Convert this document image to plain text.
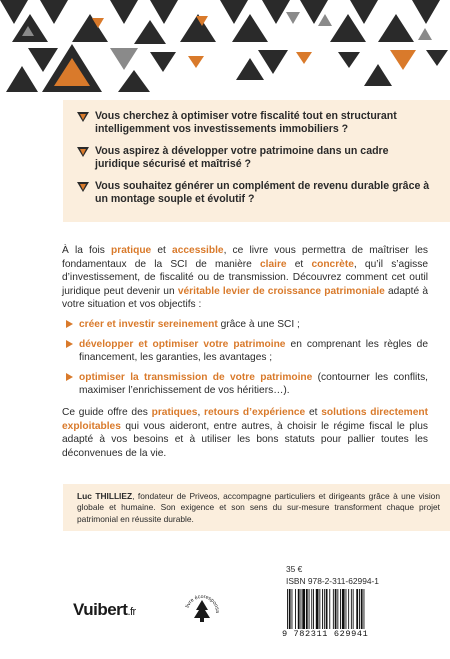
Vous cherchez à optimiser votre fiscalité tout en structurant intelligemment vos investissements immobiliers ?
Vous aspirez à développer votre patrimoine dans un cadre juridique sécurisé et maîtrisé ?
Vous souhaitez générer un complément de revenu durable grâce à un montage souple et évolutif ?

À la fois pratique et accessible, ce livre vous permettra de maîtriser les fondamentaux de la SCI de manière claire et concrète, qu’il s’agisse d’investissement, de fiscalité ou de transmission. Découvrez comment cet outil juridique peut devenir un véritable levier de croissance patrimoniale adapté à votre situation et vos objectifs :

créer et investir sereinement grâce à une SCI ;
développer et optimiser votre patrimoine en comprenant les règles de financement, les garanties, les avantages ;
optimiser la transmission de votre patrimoine (contourner les conflits, maximiser l’enrichissement de vos héritiers…).

Ce guide offre des pratiques, retours d’expérience et solutions directement exploitables qui vous aideront, entre autres, à choisir le régime fiscal le plus adapté à vos besoins et à utiliser les bons statuts pour pallier toutes les déconvenues de la vie.

Luc THILLIEZ, fondateur de Priveos, accompagne particuliers et dirigeants grâce à une vision globale et humaine. Son exigence et son sens du sur-mesure transforment chaque projet patrimonial en réussite durable.
35 €
ISBN 978-2-311-62994-1
9 782311 629941
Vuibert.fr	livre écoresponsa
